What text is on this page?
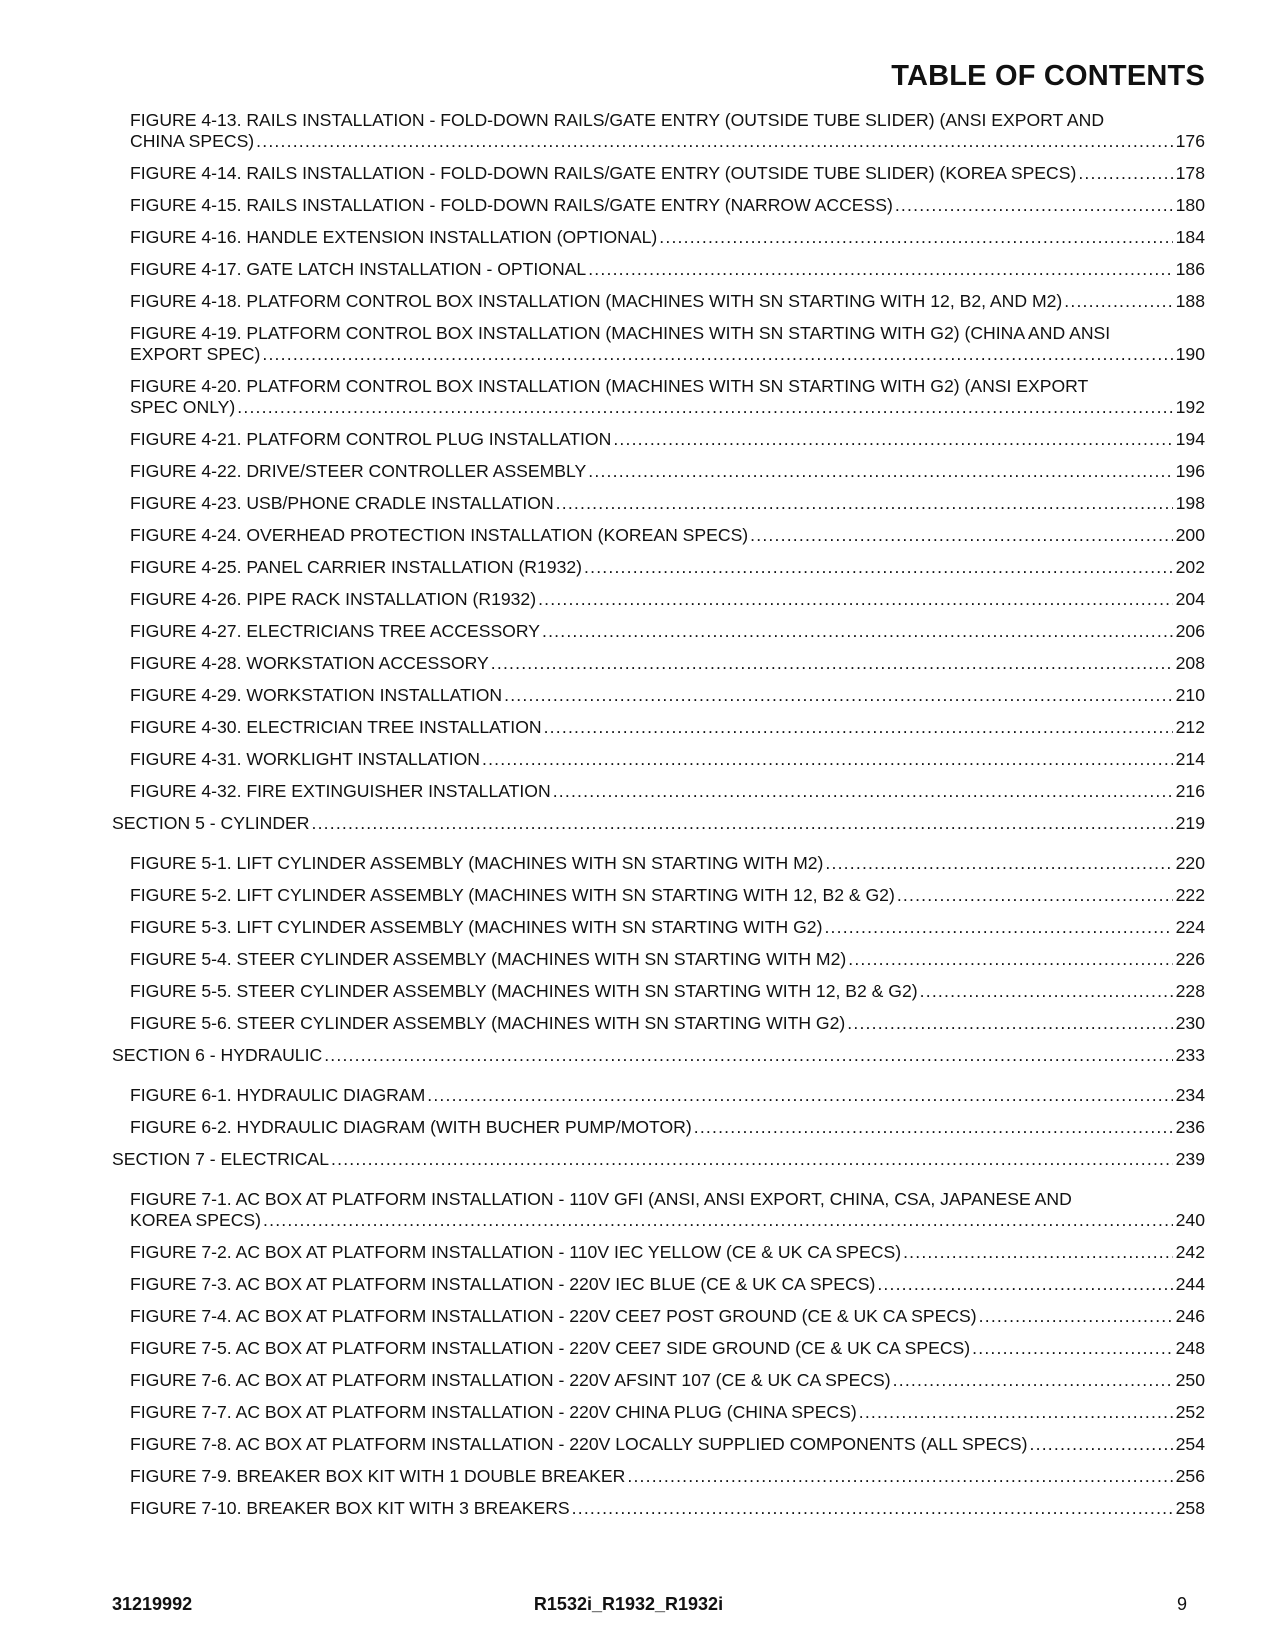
TABLE OF CONTENTS
FIGURE 4-13. RAILS INSTALLATION - FOLD-DOWN RAILS/GATE ENTRY (OUTSIDE TUBE SLIDER) (ANSI EXPORT AND
CHINA SPECS) .....	176
FIGURE 4-14. RAILS INSTALLATION - FOLD-DOWN RAILS/GATE ENTRY (OUTSIDE TUBE SLIDER) (KOREA SPECS) .....	178
FIGURE 4-15. RAILS INSTALLATION - FOLD-DOWN RAILS/GATE ENTRY (NARROW ACCESS) .....	180
FIGURE 4-16. HANDLE EXTENSION INSTALLATION (OPTIONAL) .....	184
FIGURE 4-17. GATE LATCH INSTALLATION - OPTIONAL .....	186
FIGURE 4-18. PLATFORM CONTROL BOX INSTALLATION (MACHINES WITH SN STARTING WITH 12, B2, AND M2) .....	188
FIGURE 4-19. PLATFORM CONTROL BOX INSTALLATION (MACHINES WITH SN STARTING WITH G2) (CHINA AND ANSI
EXPORT SPEC) .....	190
FIGURE 4-20. PLATFORM CONTROL BOX INSTALLATION (MACHINES WITH SN STARTING WITH G2) (ANSI EXPORT
SPEC ONLY) .....	192
FIGURE 4-21. PLATFORM CONTROL PLUG INSTALLATION .....	194
FIGURE 4-22. DRIVE/STEER CONTROLLER ASSEMBLY .....	196
FIGURE 4-23. USB/PHONE CRADLE INSTALLATION .....	198
FIGURE 4-24. OVERHEAD PROTECTION INSTALLATION (KOREAN SPECS) .....	200
FIGURE 4-25. PANEL CARRIER INSTALLATION (R1932) .....	202
FIGURE 4-26. PIPE RACK INSTALLATION (R1932) .....	204
FIGURE 4-27. ELECTRICIANS TREE ACCESSORY .....	206
FIGURE 4-28. WORKSTATION ACCESSORY .....	208
FIGURE 4-29. WORKSTATION INSTALLATION .....	210
FIGURE 4-30. ELECTRICIAN TREE INSTALLATION .....	212
FIGURE 4-31. WORKLIGHT INSTALLATION .....	214
FIGURE 4-32. FIRE EXTINGUISHER INSTALLATION .....	216
SECTION 5 - CYLINDER .....	219
FIGURE 5-1. LIFT CYLINDER ASSEMBLY (MACHINES WITH SN STARTING WITH M2) .....	220
FIGURE 5-2. LIFT CYLINDER ASSEMBLY (MACHINES WITH SN STARTING WITH 12, B2 & G2) .....	222
FIGURE 5-3. LIFT CYLINDER ASSEMBLY (MACHINES WITH SN STARTING WITH G2) .....	224
FIGURE 5-4. STEER CYLINDER ASSEMBLY (MACHINES WITH SN STARTING WITH M2) .....	226
FIGURE 5-5. STEER CYLINDER ASSEMBLY (MACHINES WITH SN STARTING WITH 12, B2 & G2) .....	228
FIGURE 5-6. STEER CYLINDER ASSEMBLY (MACHINES WITH SN STARTING WITH G2) .....	230
SECTION 6 - HYDRAULIC .....	233
FIGURE 6-1. HYDRAULIC DIAGRAM .....	234
FIGURE 6-2. HYDRAULIC DIAGRAM (WITH BUCHER PUMP/MOTOR) .....	236
SECTION 7 - ELECTRICAL .....	239
FIGURE 7-1. AC BOX AT PLATFORM INSTALLATION - 110V GFI (ANSI, ANSI EXPORT, CHINA, CSA, JAPANESE AND
KOREA SPECS) .....	240
FIGURE 7-2. AC BOX AT PLATFORM INSTALLATION - 110V IEC YELLOW (CE & UK CA SPECS) .....	242
FIGURE 7-3. AC BOX AT PLATFORM INSTALLATION - 220V IEC BLUE (CE & UK CA SPECS) .....	244
FIGURE 7-4. AC BOX AT PLATFORM INSTALLATION - 220V CEE7 POST GROUND (CE & UK CA SPECS) .....	246
FIGURE 7-5. AC BOX AT PLATFORM INSTALLATION - 220V CEE7 SIDE GROUND (CE & UK CA SPECS) .....	248
FIGURE 7-6. AC BOX AT PLATFORM INSTALLATION - 220V AFSINT 107 (CE & UK CA SPECS) .....	250
FIGURE 7-7. AC BOX AT PLATFORM INSTALLATION - 220V CHINA PLUG (CHINA SPECS) .....	252
FIGURE 7-8. AC BOX AT PLATFORM INSTALLATION - 220V LOCALLY SUPPLIED COMPONENTS (ALL SPECS) .....	254
FIGURE 7-9. BREAKER BOX KIT WITH 1 DOUBLE BREAKER .....	256
FIGURE 7-10. BREAKER BOX KIT WITH 3 BREAKERS .....	258
31219992	R1532i_R1932_R1932i	9
